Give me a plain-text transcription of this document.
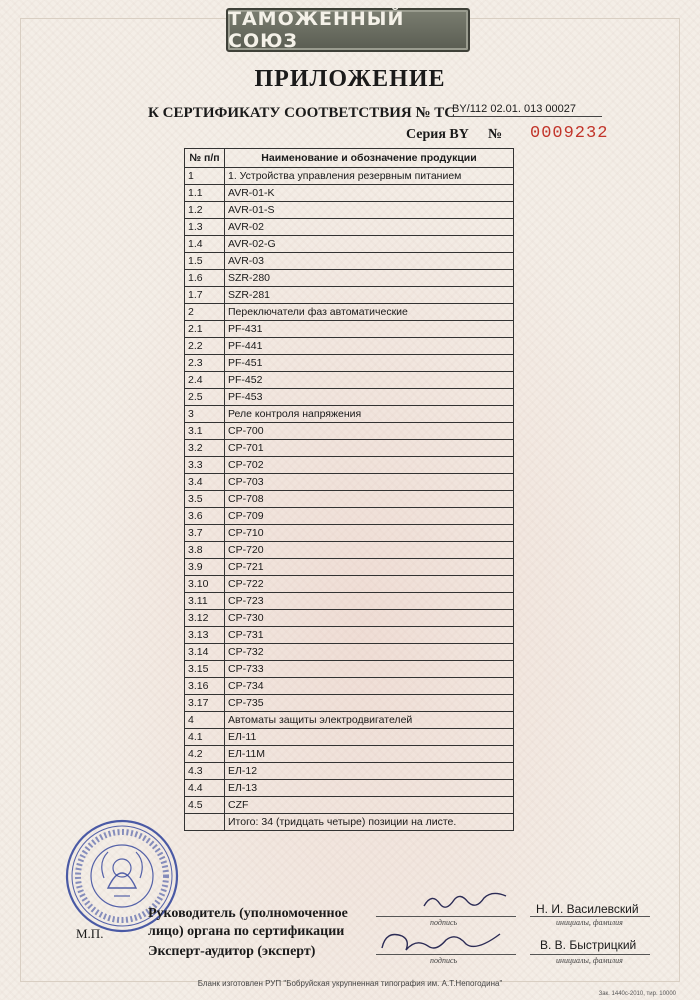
ТАМОЖЕННЫЙ СОЮЗ
ПРИЛОЖЕНИЕ
К СЕРТИФИКАТУ СООТВЕТСТВИЯ № ТС
BY/112 02.01. 013 00027
Серия BY № 0009232
№ п/п	Наименование и обозначение продукции
1	1. Устройства управления резервным питанием
1.1	AVR-01-K
1.2	AVR-01-S
1.3	AVR-02
1.4	AVR-02-G
1.5	AVR-03
1.6	SZR-280
1.7	SZR-281
2	Переключатели фаз автоматические
2.1	PF-431
2.2	PF-441
2.3	PF-451
2.4	PF-452
2.5	PF-453
3	Реле контроля напряжения
3.1	CP-700
3.2	CP-701
3.3	CP-702
3.4	CP-703
3.5	CP-708
3.6	CP-709
3.7	CP-710
3.8	CP-720
3.9	CP-721
3.10	CP-722
3.11	CP-723
3.12	CP-730
3.13	CP-731
3.14	CP-732
3.15	CP-733
3.16	CP-734
3.17	CP-735
4	Автоматы защиты электродвигателей
4.1	ЕЛ-11
4.2	ЕЛ-11М
4.3	ЕЛ-12
4.4	ЕЛ-13
4.5	CZF
	Итого: 34 (тридцать четыре) позиции на листе.
М.П.
Руководитель (уполномоченное
лицо) органа по сертификации
Эксперт-аудитор (эксперт)
подпись
Н. И. Василевский
инициалы, фамилия
подпись
В. В. Быстрицкий
инициалы, фамилия
Бланк изготовлен РУП "Бобруйская укрупненная типография им. А.Т.Непогодина"
Зак. 1440с-2010, тир. 10000
